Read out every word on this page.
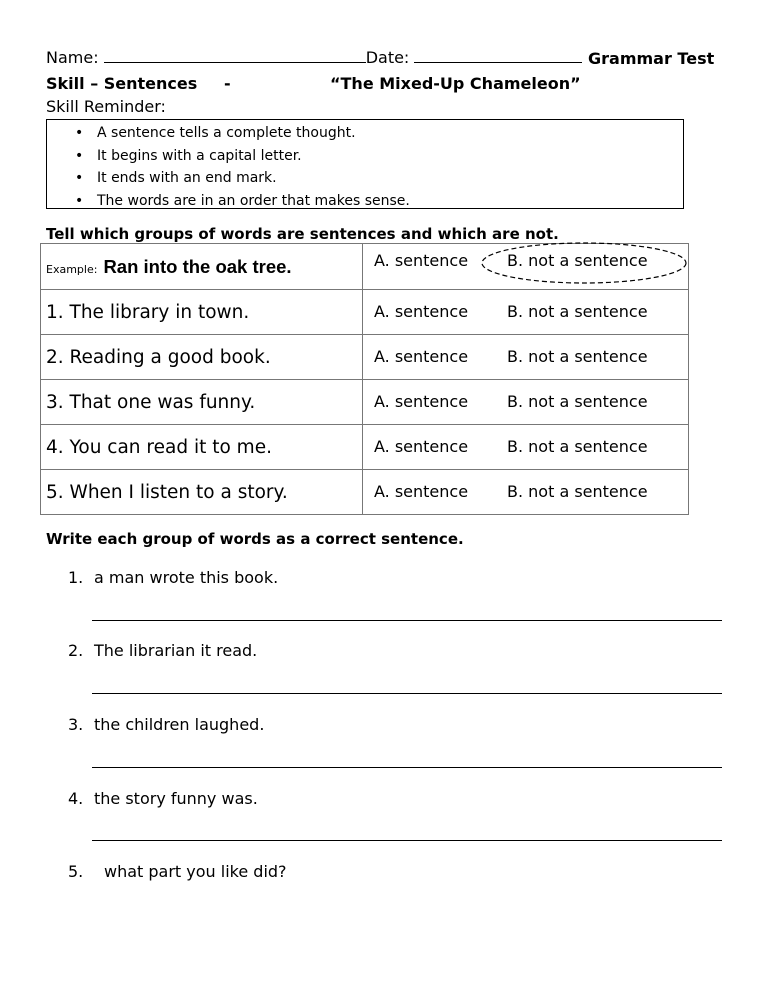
Name:	Date:	Grammar Test
Skill – Sentences -	“The Mixed-Up Chameleon”
Skill Reminder:
• A sentence tells a complete thought.
• It begins with a capital letter.
• It ends with an end mark.
• The words are in an order that makes sense.
Tell which groups of words are sentences and which are not.
Example: Ran into the oak tree.	A. sentence B. not a sentence

1. The library in town.	A. sentence B. not a sentence

2. Reading a good book.	A. sentence B. not a sentence

3. That one was funny.	A. sentence B. not a sentence

4. You can read it to me.	A. sentence B. not a sentence

5. When I listen to a story.	A. sentence B. not a sentence
Write each group of words as a correct sentence.
1. a man wrote this book.
2. The librarian it read.
3. the children laughed.
4. the story funny was.
5. what part you like did?
